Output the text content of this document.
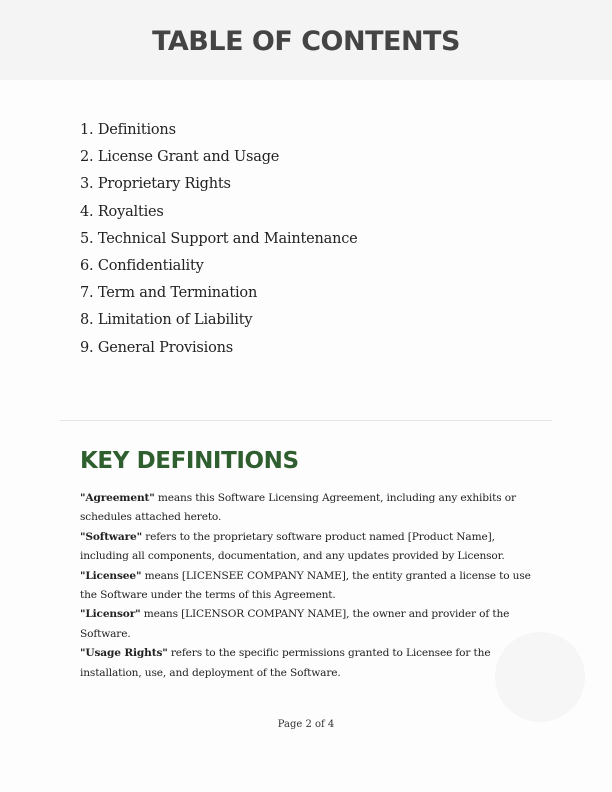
TABLE OF CONTENTS
1. Definitions
2. License Grant and Usage
3. Proprietary Rights
4. Royalties
5. Technical Support and Maintenance
6. Confidentiality
7. Term and Termination
8. Limitation of Liability
9. General Provisions
KEY DEFINITIONS

"Agreement" means this Software Licensing Agreement, including any exhibits or schedules attached hereto.

"Software" refers to the proprietary software product named [Product Name], including all components, documentation, and any updates provided by Licensor.

"Licensee" means [LICENSEE COMPANY NAME], the entity granted a license to use the Software under the terms of this Agreement.

"Licensor" means [LICENSOR COMPANY NAME], the owner and provider of the Software.

"Usage Rights" refers to the specific permissions granted to Licensee for the installation, use, and deployment of the Software.

Page 2 of 4
